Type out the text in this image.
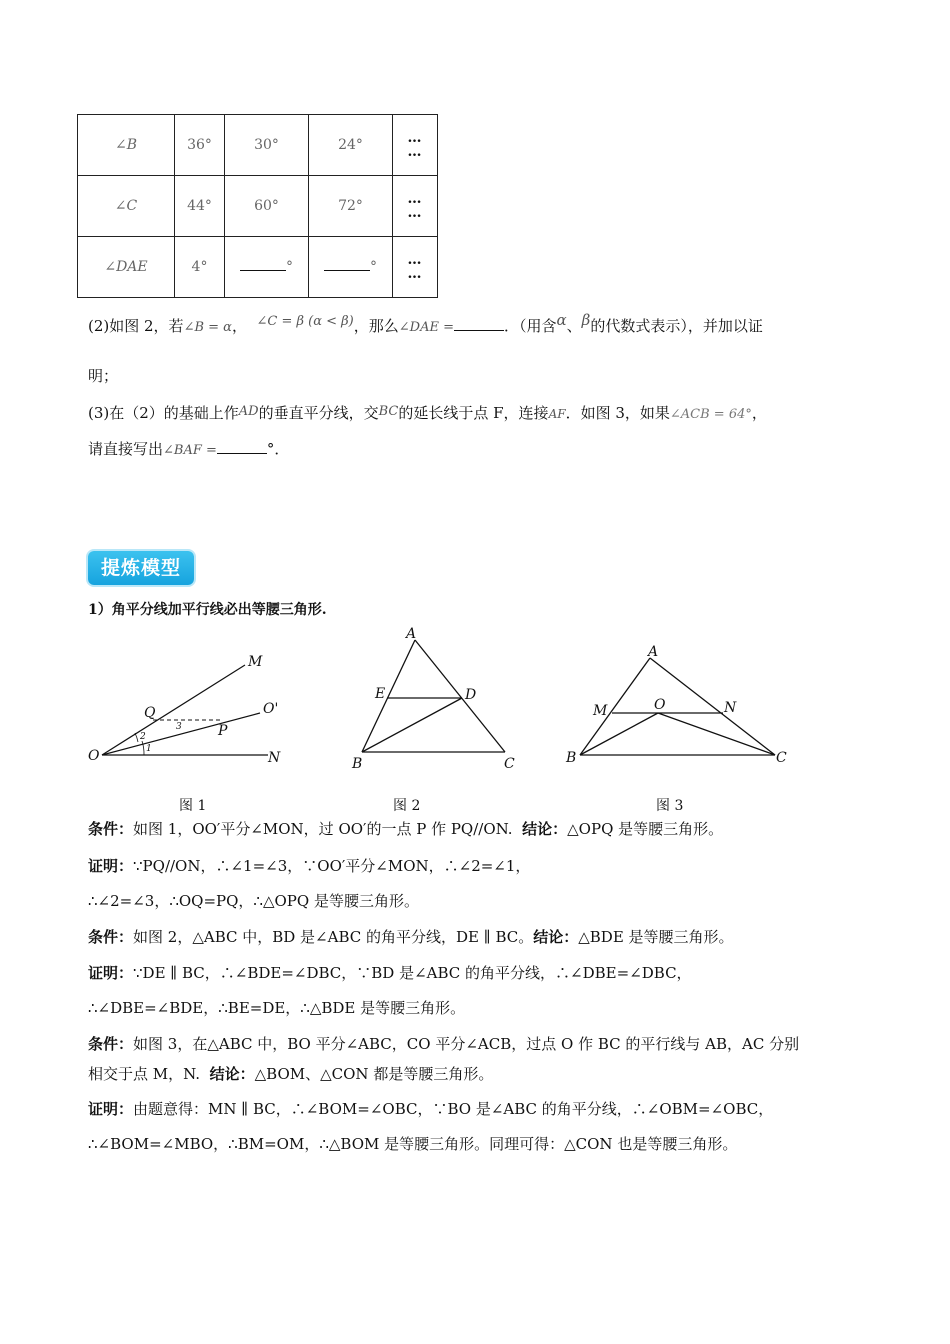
∠B	36°	30°	24°	…
…
∠C	44°	60°	72°	…
…
∠DAE	4°	°	°	…
…
(2)如图 2，若∠B = α， ∠C = β (α < β)，那么∠DAE =	．（用含α、β的代数式表示），并加以证
明；
(3)在（2）的基础上作AD的垂直平分线，交BC的延长线于点 F，连接AF．如图 3，如果∠ACB = 64°，
请直接写出∠BAF =	°．
提炼模型
1）角平分线加平行线必出等腰三角形.
M
Q	O'
P
O	N
3
2
1
图 1
A
E	D
B	C
图 2
A
M	O	N
B	C
图 3
条件：如图 1，OO′平分∠MON，过 OO′的一点 P 作 PQ//ON. 结论：△OPQ 是等腰三角形。
证明：∵PQ//ON，∴∠1=∠3，∵OO′平分∠MON，∴∠2=∠1，
∴∠2=∠3，∴OQ=PQ，∴△OPQ 是等腰三角形。
条件：如图 2，△ABC 中，BD 是∠ABC 的角平分线，DE ∥ BC。结论：△BDE 是等腰三角形。
证明：∵DE ∥ BC，∴∠BDE=∠DBC，∵BD 是∠ABC 的角平分线，∴∠DBE=∠DBC，
∴∠DBE=∠BDE，∴BE=DE，∴△BDE 是等腰三角形。
条件：如图 3，在△ABC 中，BO 平分∠ABC，CO 平分∠ACB，过点 O 作 BC 的平行线与 AB，AC 分别
相交于点 M，N. 结论：△BOM、△CON 都是等腰三角形。
证明：由题意得：MN ∥ BC，∴∠BOM=∠OBC，∵BO 是∠ABC 的角平分线，∴∠OBM=∠OBC，
∴∠BOM=∠MBO，∴BM=OM，∴△BOM 是等腰三角形。同理可得：△CON 也是等腰三角形。
